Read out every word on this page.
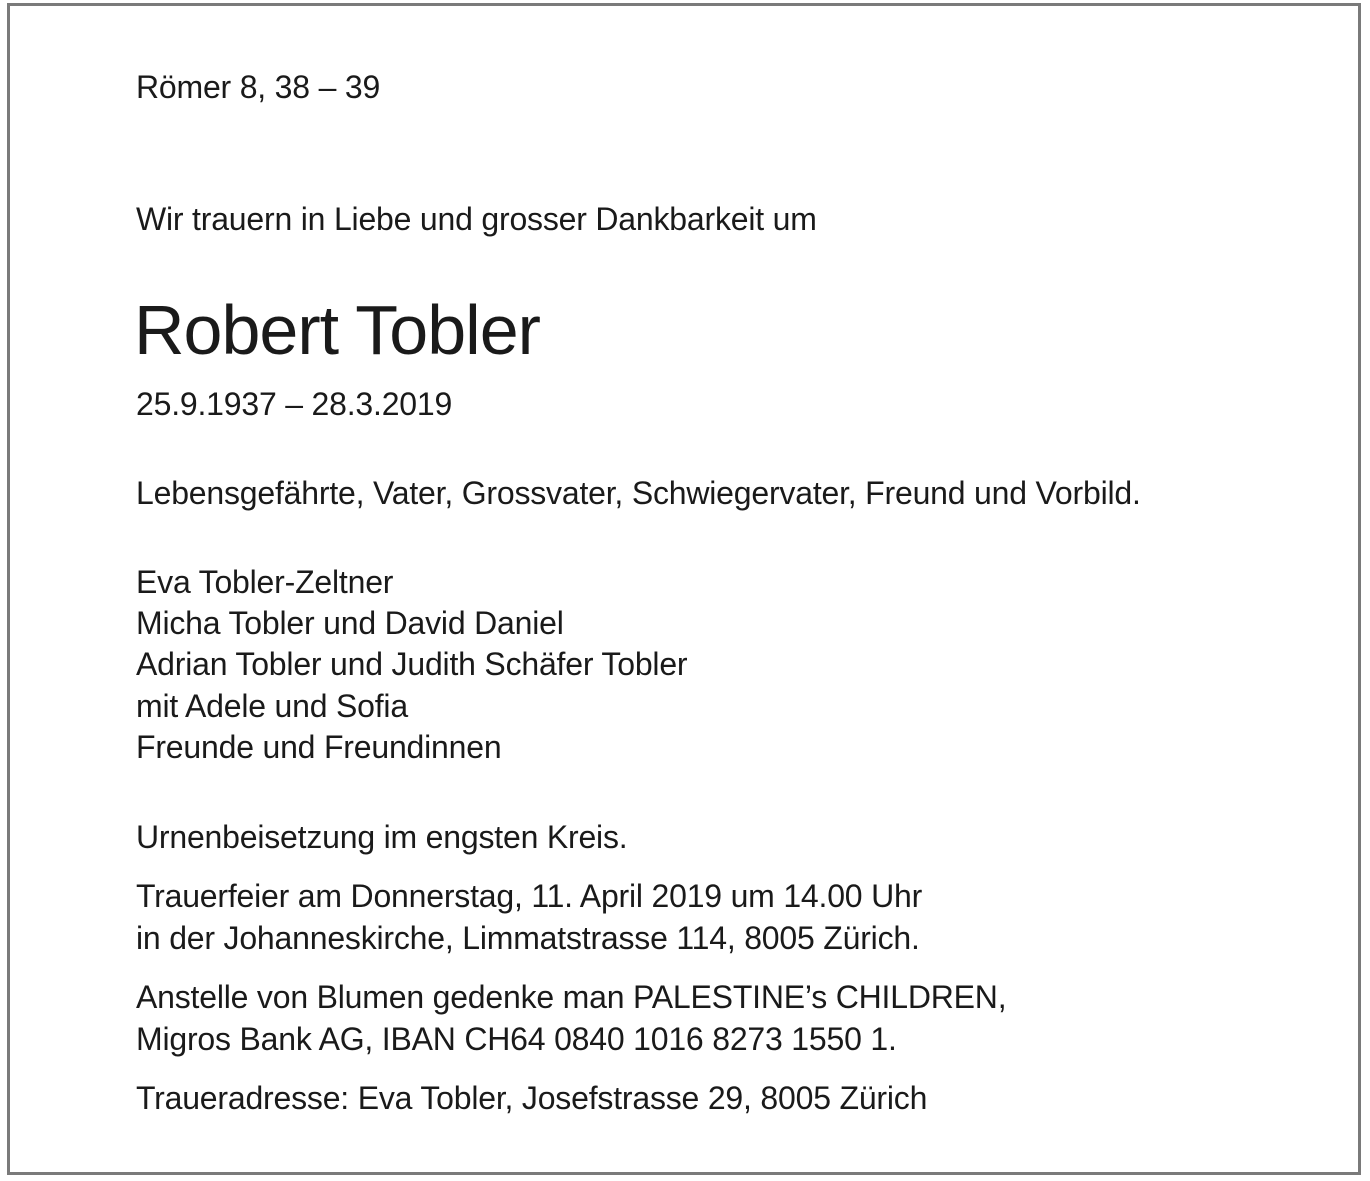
Römer 8, 38 – 39
Wir trauern in Liebe und grosser Dankbarkeit um
Robert Tobler
25.9.1937 – 28.3.2019
Lebensgefährte, Vater, Grossvater, Schwiegervater, Freund und Vorbild.
Eva Tobler-Zeltner
Micha Tobler und David Daniel
Adrian Tobler und Judith Schäfer Tobler
mit Adele und Sofia
Freunde und Freundinnen
Urnenbeisetzung im engsten Kreis.
Trauerfeier am Donnerstag, 11. April 2019 um 14.00 Uhr
in der Johanneskirche, Limmatstrasse 114, 8005 Zürich.
Anstelle von Blumen gedenke man PALESTINE’s CHILDREN,
Migros Bank AG, IBAN CH64 0840 1016 8273 1550 1.
Traueradresse: Eva Tobler, Josefstrasse 29, 8005 Zürich
